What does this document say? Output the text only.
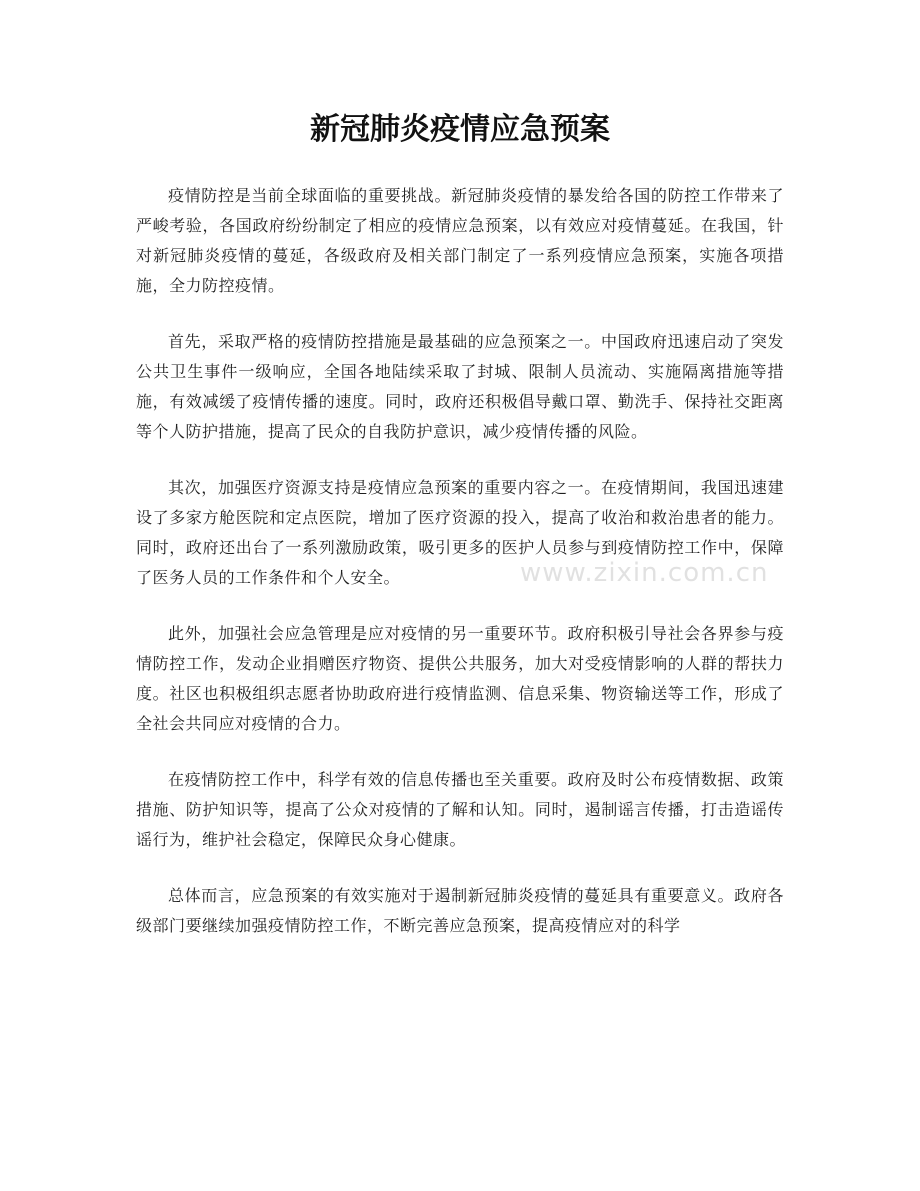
新冠肺炎疫情应急预案

疫情防控是当前全球面临的重要挑战。新冠肺炎疫情的暴发给各国的防控工作带来了严峻考验，各国政府纷纷制定了相应的疫情应急预案，以有效应对疫情蔓延。在我国，针对新冠肺炎疫情的蔓延，各级政府及相关部门制定了一系列疫情应急预案，实施各项措施，全力防控疫情。

首先，采取严格的疫情防控措施是最基础的应急预案之一。中国政府迅速启动了突发公共卫生事件一级响应，全国各地陆续采取了封城、限制人员流动、实施隔离措施等措施，有效减缓了疫情传播的速度。同时，政府还积极倡导戴口罩、勤洗手、保持社交距离等个人防护措施，提高了民众的自我防护意识，减少疫情传播的风险。

其次，加强医疗资源支持是疫情应急预案的重要内容之一。在疫情期间，我国迅速建设了多家方舱医院和定点医院，增加了医疗资源的投入，提高了收治和救治患者的能力。同时，政府还出台了一系列激励政策，吸引更多的医护人员参与到疫情防控工作中，保障了医务人员的工作条件和个人安全。

此外，加强社会应急管理是应对疫情的另一重要环节。政府积极引导社会各界参与疫情防控工作，发动企业捐赠医疗物资、提供公共服务，加大对受疫情影响的人群的帮扶力度。社区也积极组织志愿者协助政府进行疫情监测、信息采集、物资输送等工作，形成了全社会共同应对疫情的合力。

在疫情防控工作中，科学有效的信息传播也至关重要。政府及时公布疫情数据、政策措施、防护知识等，提高了公众对疫情的了解和认知。同时，遏制谣言传播，打击造谣传谣行为，维护社会稳定，保障民众身心健康。

总体而言，应急预案的有效实施对于遏制新冠肺炎疫情的蔓延具有重要意义。政府各级部门要继续加强疫情防控工作，不断完善应急预案，提高疫情应对的科学

www.zixin.com.cn
